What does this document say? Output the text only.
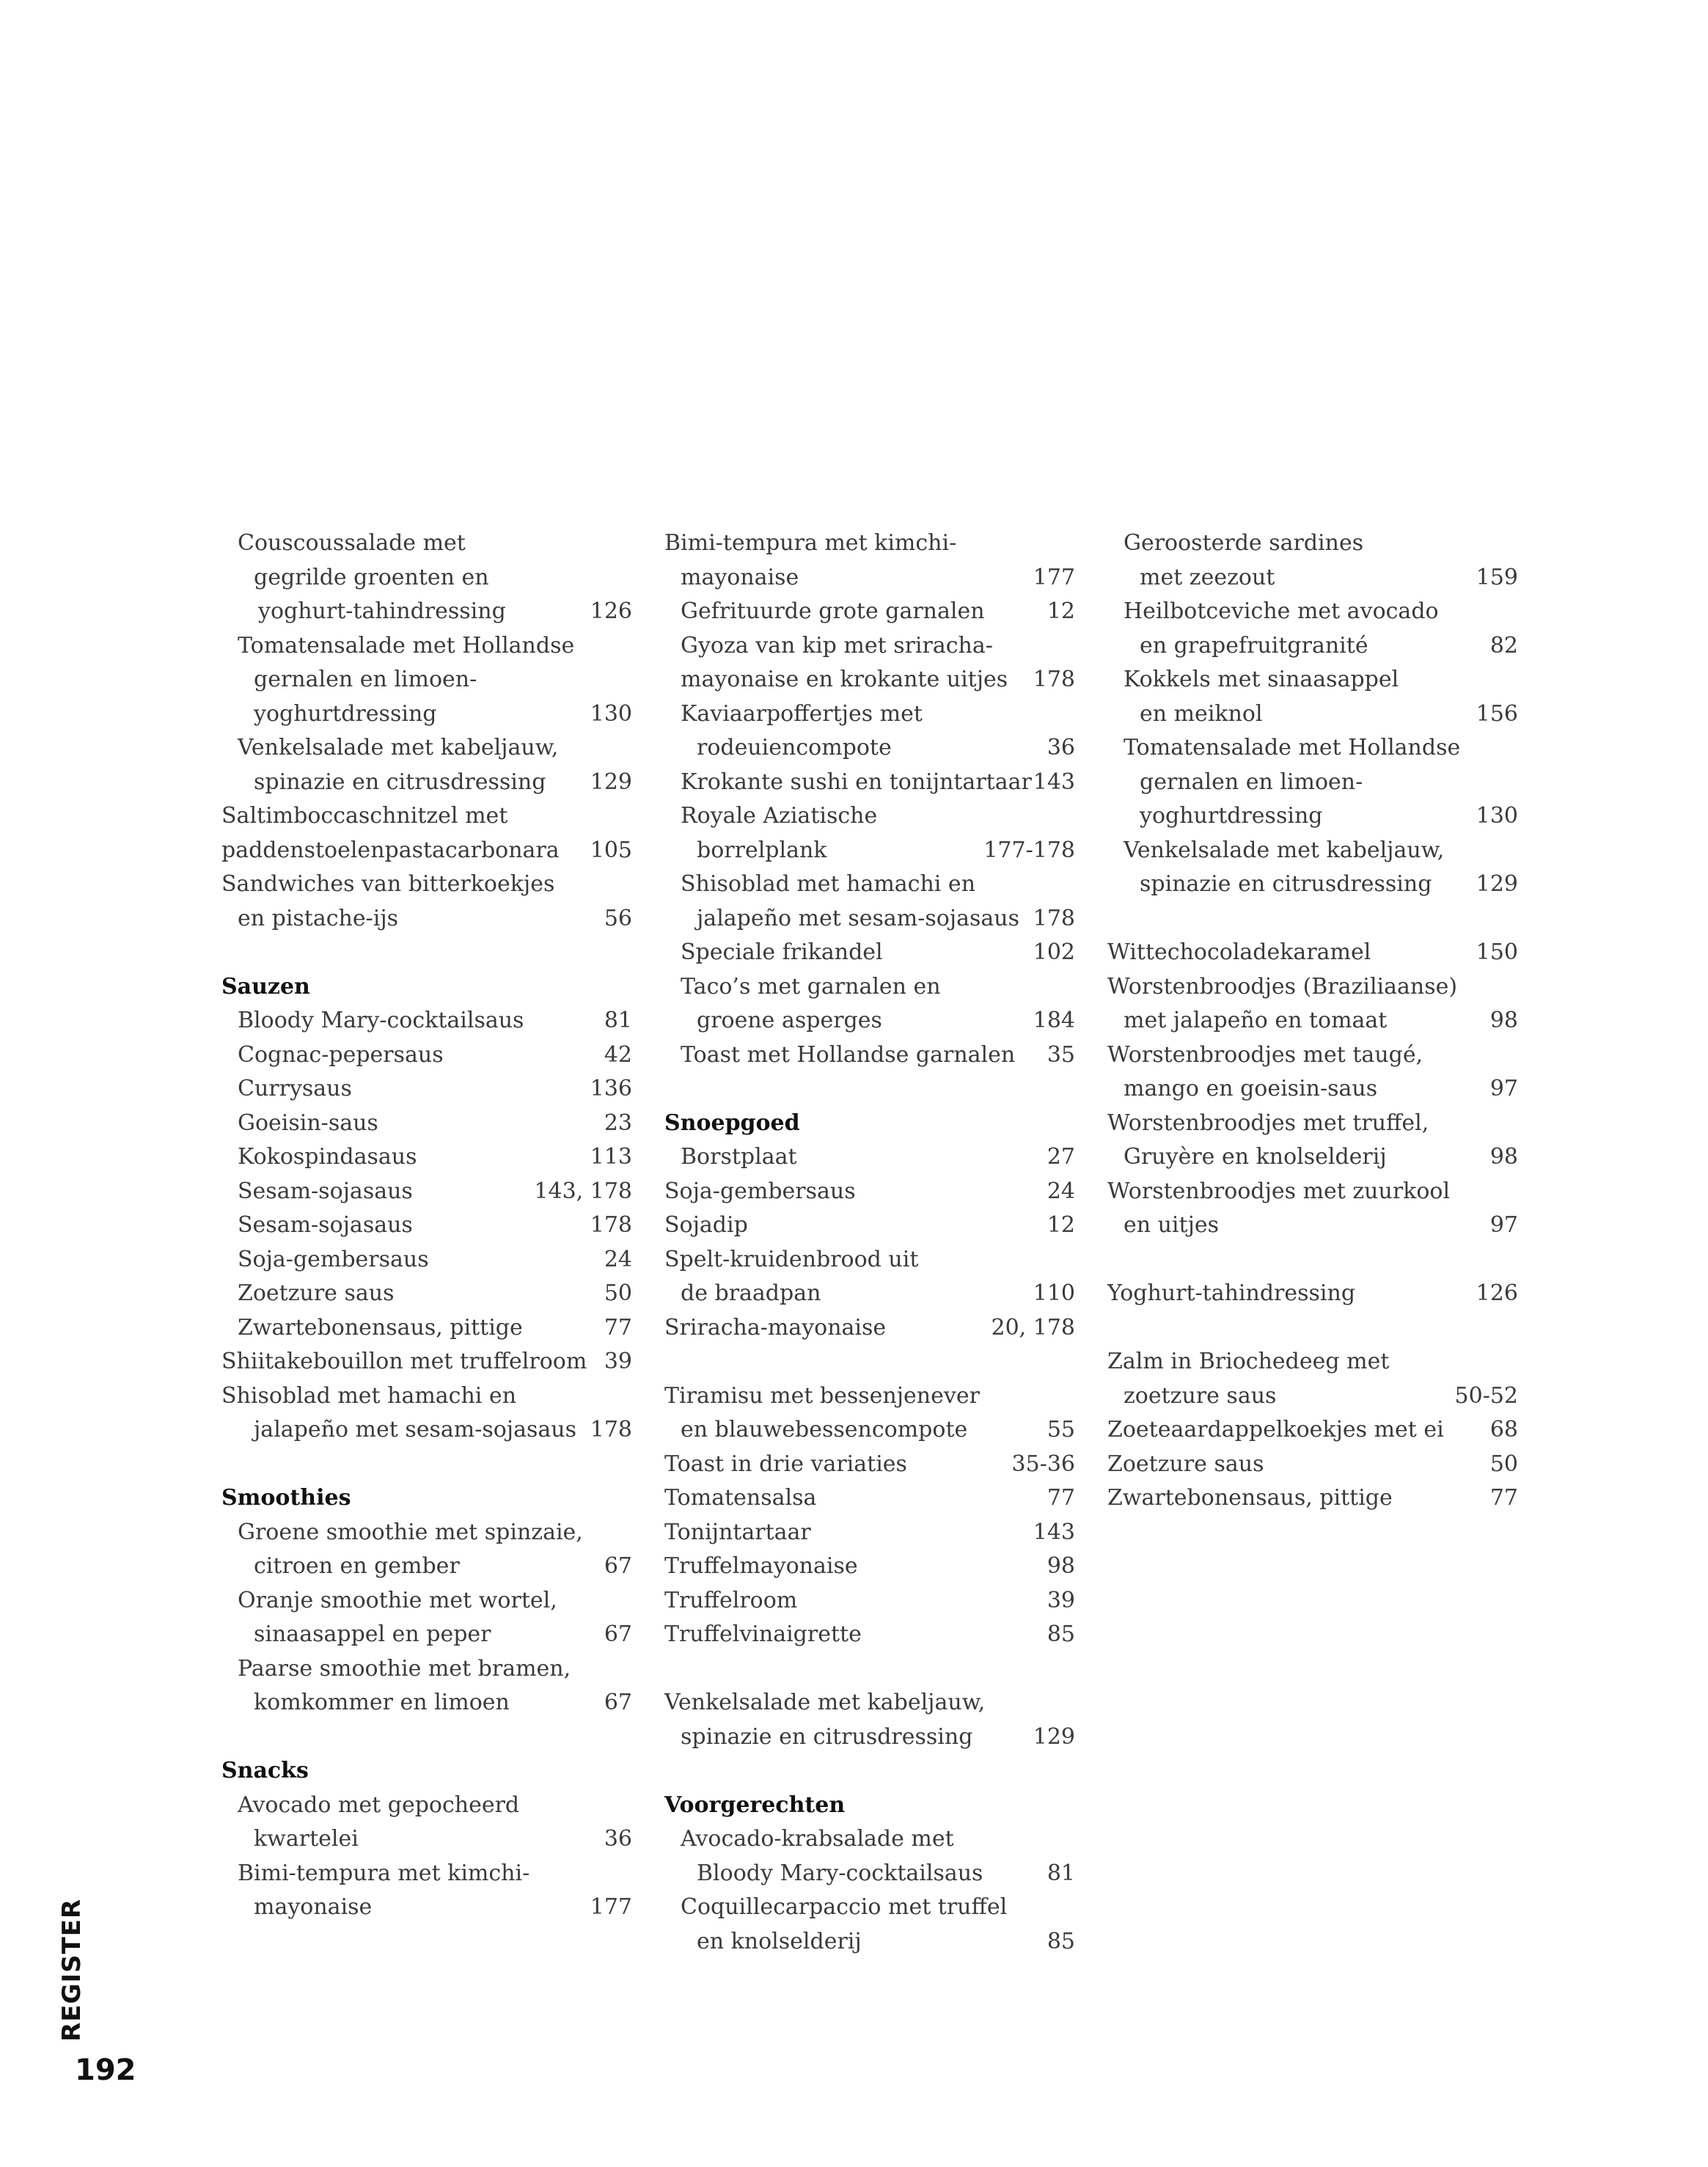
Couscoussalade met
gegrilde groenten en
yoghurt-tahindressing	126
Tomatensalade met Hollandse
gernalen en limoen-
yoghurtdressing	130
Venkelsalade met kabeljauw,
spinazie en citrusdressing 129
Saltimboccaschnitzel met
paddenstoelenpastacarbonara 105
Sandwiches van bitterkoekjes
en pistache-ijs	56
Sauzen
Bloody Mary-cocktailsaus	81
Cognac-pepersaus	42
Currysaus	136
Goeisin-saus	23
Kokospindasaus	113
Sesam-sojasaus	143, 178
Sesam-sojasaus	178
Soja-gembersaus	24
Zoetzure saus	50
Zwartebonensaus, pittige	77
Shiitakebouillon met truffelroom 39
Shisoblad met hamachi en
jalapeño met sesam-sojasaus 178
Smoothies
Groene smoothie met spinzaie,
citroen en gember	67
Oranje smoothie met wortel,
sinaasappel en peper	67
Paarse smoothie met bramen,
komkommer en limoen	67
Snacks
Avocado met gepocheerd
kwartelei	36
Bimi-tempura met kimchi-
mayonaise	177
Bimi-tempura met kimchi-
mayonaise	177
Gefrituurde grote garnalen	12
Gyoza van kip met sriracha-
mayonaise en krokante uitjes 178
Kaviaarpoffertjes met
rodeuiencompote	36
Krokante sushi en tonijntartaar 143
Royale Aziatische
borrelplank	177-178
Shisoblad met hamachi en
jalapeño met sesam-sojasaus 178
Speciale frikandel	102
Taco’s met garnalen en
groene asperges	184
Toast met Hollandse garnalen 35
Snoepgoed
Borstplaat	27
Soja-gembersaus	24
Sojadip	12
Spelt-kruidenbrood uit
de braadpan	110
Sriracha-mayonaise	20, 178
Tiramisu met bessenjenever
en blauwebessencompote	55
Toast in drie variaties	35-36
Tomatensalsa	77
Tonijntartaar	143
Truffelmayonaise	98
Truffelroom	39
Truffelvinaigrette	85
Venkelsalade met kabeljauw,
spinazie en citrusdressing	129
Voorgerechten
Avocado-krabsalade met
Bloody Mary-cocktailsaus	81
Coquillecarpaccio met truffel
en knolselderij	85
Geroosterde sardines
met zeezout	159
Heilbotceviche met avocado
en grapefruitgranité	82
Kokkels met sinaasappel
en meiknol	156
Tomatensalade met Hollandse
gernalen en limoen-
yoghurtdressing	130
Venkelsalade met kabeljauw,
spinazie en citrusdressing 129
Wittechocoladekaramel	150
Worstenbroodjes (Braziliaanse)
met jalapeño en tomaat	98
Worstenbroodjes met taugé,
mango en goeisin-saus	97
Worstenbroodjes met truffel,
Gruyère en knolselderij	98
Worstenbroodjes met zuurkool
en uitjes	97
Yoghurt-tahindressing	126
Zalm in Briochedeeg met
zoetzure saus	50-52
Zoeteaardappelkoekjes met ei 68
Zoetzure saus	50
Zwartebonensaus, pittige	77
REGISTER
192
